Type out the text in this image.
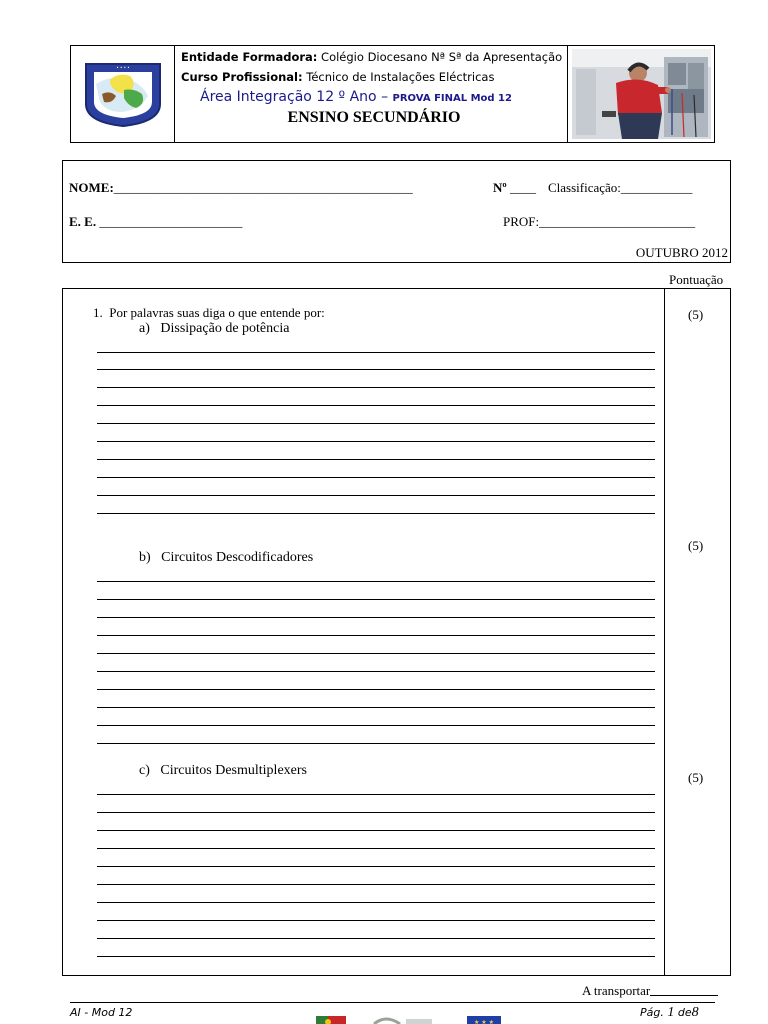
• • • •
Entidade Formadora: Colégio Diocesano Nª Sª da Apresentação
Curso Profissional: Técnico de Instalações Eléctricas
Área Integração 12 º Ano – PROVA FINAL Mod 12
ENSINO SECUNDÁRIO
NOME:______________________________________________	Nº ____ Classificação:___________
E. E. ______________________	PROF:________________________
OUTUBRO 2012
Pontuação
1. Por palavras suas diga o que entende por:
a) Dissipação de potência
(5)
b) Circuitos Descodificadores
(5)
c) Circuitos Desmultiplexers	(5)
A transportar
AI - Mod 12	Pág. 1 de8
★ ★ ★
